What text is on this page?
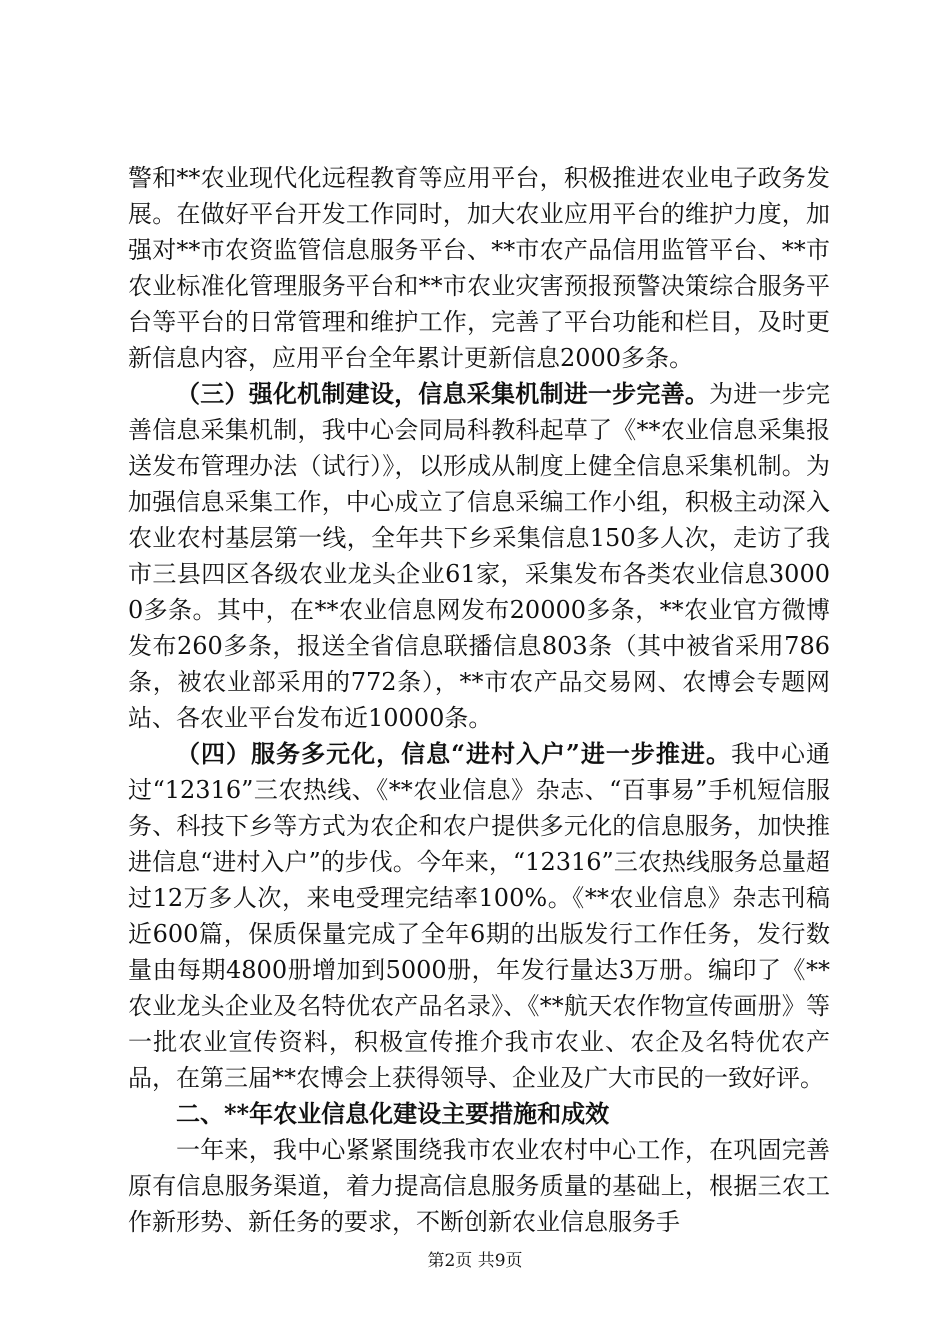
警和**农业现代化远程教育等应用平台，积极推进农业电子政务发展。在做好平台开发工作同时，加大农业应用平台的维护力度，加强对**市农资监管信息服务平台、**市农产品信用监管平台、**市农业标准化管理服务平台和**市农业灾害预报预警决策综合服务平台等平台的日常管理和维护工作，完善了平台功能和栏目，及时更新信息内容，应用平台全年累计更新信息2000多条。

（三）强化机制建设，信息采集机制进一步完善。为进一步完善信息采集机制，我中心会同局科教科起草了《**农业信息采集报送发布管理办法（试行）》，以形成从制度上健全信息采集机制。为加强信息采集工作，中心成立了信息采编工作小组，积极主动深入农业农村基层第一线，全年共下乡采集信息150多人次，走访了我市三县四区各级农业龙头企业61家，采集发布各类农业信息30000多条。其中，在**农业信息网发布20000多条，**农业官方微博发布260多条，报送全省信息联播信息803条（其中被省采用786条，被农业部采用的772条），**市农产品交易网、农博会专题网站、各农业平台发布近10000条。

（四）服务多元化，信息“进村入户”进一步推进。我中心通过“12316”三农热线、《**农业信息》杂志、“百事易”手机短信服务、科技下乡等方式为农企和农户提供多元化的信息服务，加快推进信息“进村入户”的步伐。今年来，“12316”三农热线服务总量超过12万多人次，来电受理完结率100%。《**农业信息》杂志刊稿近600篇，保质保量完成了全年6期的出版发行工作任务，发行数量由每期4800册增加到5000册，年发行量达3万册。编印了《**农业龙头企业及名特优农产品名录》、《**航天农作物宣传画册》等一批农业宣传资料，积极宣传推介我市农业、农企及名特优农产品，在第三届**农博会上获得领导、企业及广大市民的一致好评。

二、**年农业信息化建设主要措施和成效

一年来，我中心紧紧围绕我市农业农村中心工作，在巩固完善原有信息服务渠道，着力提高信息服务质量的基础上，根据三农工作新形势、新任务的要求，不断创新农业信息服务手

第2页 共9页
